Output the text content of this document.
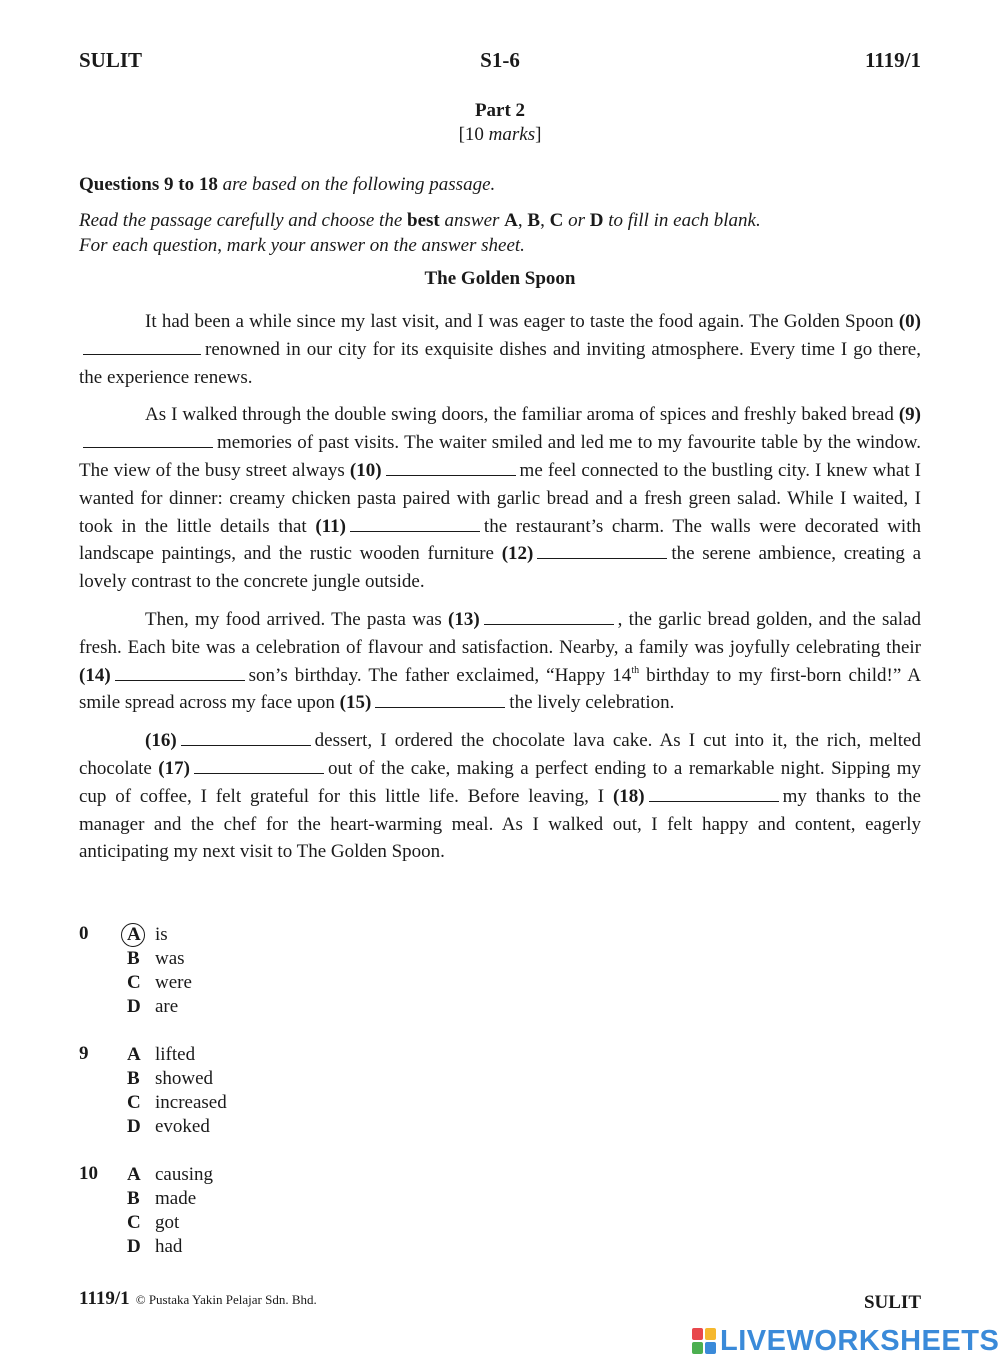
SULIT	S1-6	1119/1
Part 2
[10 marks]
Questions 9 to 18 are based on the following passage.
Read the passage carefully and choose the best answer A, B, C or D to fill in each blank.
For each question, mark your answer on the answer sheet.
The Golden Spoon

It had been a while since my last visit, and I was eager to taste the food again. The Golden Spoon (0)renowned in our city for its exquisite dishes and inviting atmosphere. Every time I go there, the experience renews.

As I walked through the double swing doors, the familiar aroma of spices and freshly baked bread (9)memories of past visits. The waiter smiled and led me to my favourite table by the window. The view of the busy street always (10)	me feel connected to the bustling city. I knew what I wanted for dinner: creamy chicken pasta paired with garlic bread and a fresh green salad. While I waited, I took in the little details that (11)	the restaurant’s charm. The walls were decorated with landscape paintings, and the rustic wooden furniture (12)	the serene ambience, creating a lovely contrast to the concrete jungle outside.

Then, my food arrived. The pasta was (13)	, the garlic bread golden, and the salad fresh. Each bite was a celebration of flavour and satisfaction. Nearby, a family was joyfully celebrating their (14)	son’s birthday. The father exclaimed, “Happy 14th birthday to my first-born child!” A smile spread across my face upon (15)	the lively celebration.

(16)	dessert, I ordered the chocolate lava cake. As I cut into it, the rich, melted chocolate (17)	out of the cake, making a perfect ending to a remarkable night. Sipping my cup of coffee, I felt grateful for this little life. Before leaving, I (18)	my thanks to the manager and the chef for the heart-warming meal. As I walked out, I felt happy and content, eagerly anticipating my next visit to The Golden Spoon.

0	A is
B was
C were
D are
9	A lifted
B showed
C increased
D evoked
10	A causing
B made
C got
D had
1119/1 © Pustaka Yakin Pelajar Sdn. Bhd.	SULIT
LIVEWORKSHEETS
